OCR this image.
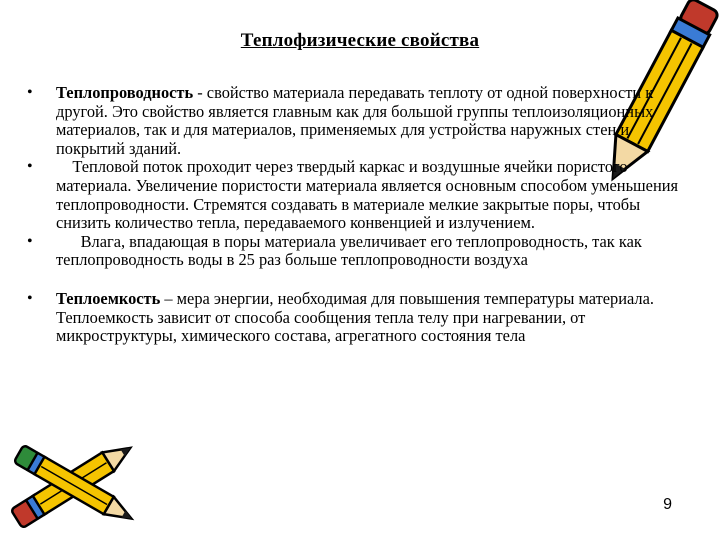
Теплофизические свойства
• Теплопроводность - свойство материала передавать теплоту от одной поверхности к другой. Это свойство является главным как для большой группы теплоизоляционных материалов, так и для материалов, применяемых для устройства наружных стен и покрытий зданий.
• Тепловой поток проходит через твердый каркас и воздушные ячейки пористого материала. Увеличение пористости материала является основным способом уменьшения теплопроводности. Стремятся создавать в материале мелкие закрытые поры, чтобы снизить количество тепла, передаваемого конвенцией и излучением.
• Влага, впадающая в поры материала увеличивает его теплопроводность, так как теплопроводность воды в 25 раз больше теплопроводности воздуха
• Теплоемкость – мера энергии, необходимая для повышения температуры материала. Теплоемкость зависит от способа сообщения тепла телу при нагревании, от микроструктуры, химического состава, агрегатного состояния тела
9
